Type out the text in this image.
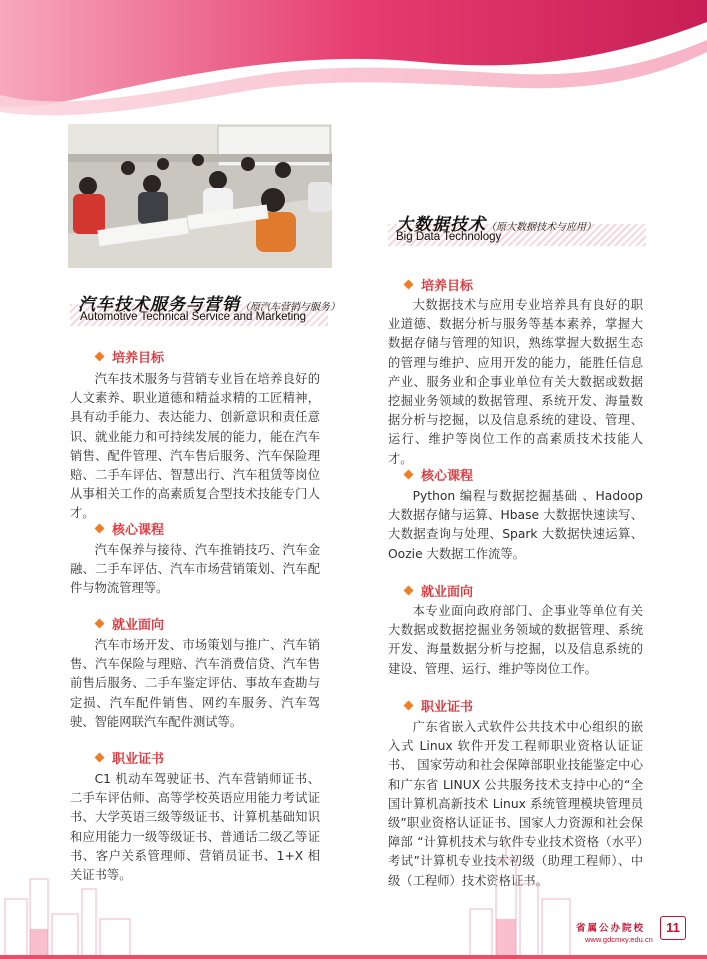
汽车技术服务与营销（原汽车营销与服务）
Automotive Technical Service and Marketing
培养目标

汽车技术服务与营销专业旨在培养良好的人文素养、职业道德和精益求精的工匠精神，具有动手能力、表达能力、创新意识和责任意识、就业能力和可持续发展的能力，能在汽车销售、配件管理、汽车售后服务、汽车保险理赔、二手车评估、智慧出行、汽车租赁等岗位从事相关工作的高素质复合型技术技能专门人才。

核心课程

汽车保养与接待、汽车推销技巧、汽车金融、二手车评估、汽车市场营销策划、汽车配件与物流管理等。

就业面向

汽车市场开发、市场策划与推广、汽车销售、汽车保险与理赔、汽车消费信贷、汽车售前售后服务、二手车鉴定评估、事故车查勘与定损、汽车配件销售、网约车服务、汽车驾驶、智能网联汽车配件测试等。

职业证书

C1 机动车驾驶证书、汽车营销师证书、二手车评估师、高等学校英语应用能力考试证书、大学英语三级等级证书、计算机基础知识和应用能力一级等级证书、普通话二级乙等证书、客户关系管理师、营销员证书、1+X 相关证书等。

大数据技术（原大数据技术与应用）
Big Data Technology
培养目标

大数据技术与应用专业培养具有良好的职业道德、数据分析与服务等基本素养，掌握大数据存储与管理的知识，熟练掌握大数据生态的管理与维护、应用开发的能力，能胜任信息产业、服务业和企事业单位有关大数据或数据挖掘业务领域的数据管理、系统开发、海量数据分析与挖掘，以及信息系统的建设、管理、运行、维护等岗位工作的高素质技术技能人才。

核心课程

Python 编程与数据挖掘基础 、Hadoop 大数据存储与运算、Hbase 大数据快速读写、大数据查询与处理、Spark 大数据快速运算、Oozie 大数据工作流等。

就业面向

本专业面向政府部门、企事业等单位有关大数据或数据挖掘业务领域的数据管理、系统开发、海量数据分析与挖掘，以及信息系统的建设、管理、运行、维护等岗位工作。

职业证书

广东省嵌入式软件公共技术中心组织的嵌入式 Linux 软件开发工程师职业资格认证证书、 国家劳动和社会保障部职业技能鉴定中心和广东省 LINUX 公共服务技术支持中心的“全国计算机高新技术 Linux 系统管理模块管理员级”职业资格认证证书、国家人力资源和社会保障部 “计算机技术与软件专业技术资格（水平）考试”计算机专业技术初级（助理工程师）、中级（工程师）技术资格证书。

省属公办院校
www.gdcmxy.edu.cn
11
